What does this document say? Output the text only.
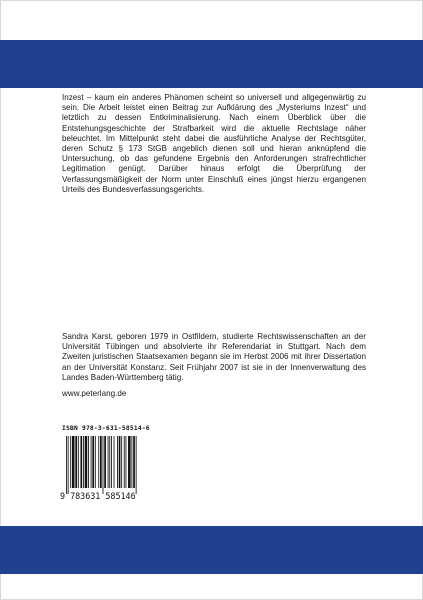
Inzest – kaum ein anderes Phänomen scheint so universell und allgegenwärtig zu sein. Die Arbeit leistet einen Beitrag zur Aufklärung des „Mysteriums Inzest“ und letztlich zu dessen Entkriminalisierung. Nach einem Überblick über die Entstehungsgeschichte der Strafbarkeit wird die aktuelle Rechtslage näher beleuchtet. Im Mittelpunkt steht dabei die ausführliche Analyse der Rechtsgüter, deren Schutz § 173 StGB angeblich dienen soll und hieran anknüpfend die Untersuchung, ob das gefundene Ergebnis den Anforderungen strafrechtlicher Legitimation genügt. Darüber hinaus erfolgt die Überprüfung der Verfassungsmäßigkeit der Norm unter Einschluß eines jüngst hierzu ergangenen Urteils des Bundesverfassungsgerichts.

Sandra Karst, geboren 1979 in Ostfildern, studierte Rechtswissenschaften an der Universität Tübingen und absolvierte ihr Referendariat in Stuttgart. Nach dem Zweiten juristischen Staatsexamen begann sie im Herbst 2006 mit ihrer Dissertation an der Universität Konstanz. Seit Frühjahr 2007 ist sie in der Innenverwaltung des Landes Baden-Württemberg tätig.

www.peterlang.de
ISBN 978-3-631-58514-6
9 783631 585146
